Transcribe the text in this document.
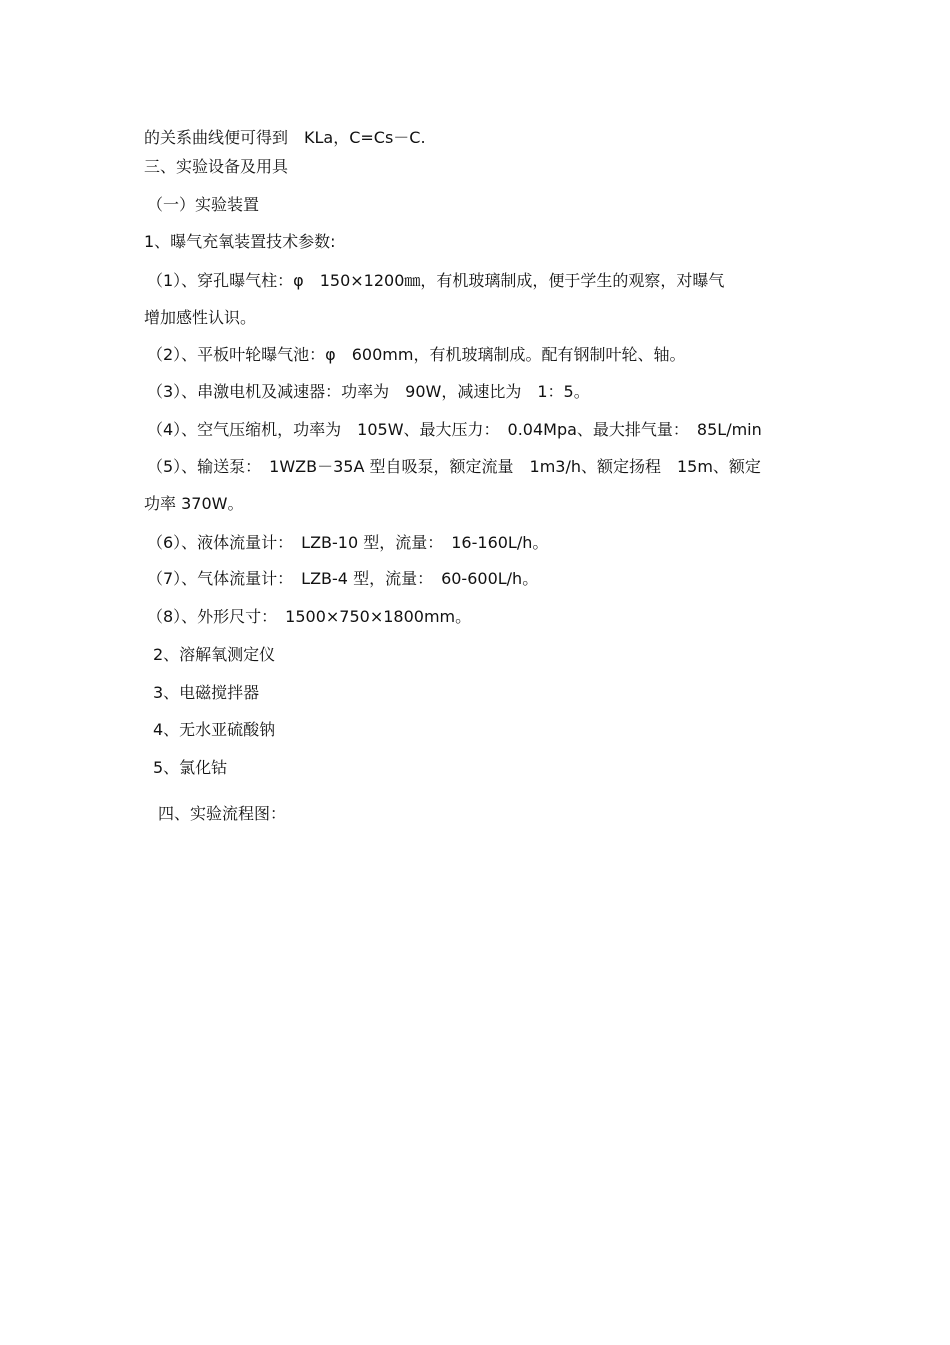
的关系曲线便可得到　KLa，C=Cs－C.
三、实验设备及用具
（一）实验装置
1、曝气充氧装置技术参数:
（1）、穿孔曝气柱：φ　150×1200㎜，有机玻璃制成，便于学生的观察，对曝气
增加感性认识。
（2）、平板叶轮曝气池：φ　600mm，有机玻璃制成。配有钢制叶轮、轴。
（3）、串激电机及减速器：功率为　90W，减速比为　1：5。
（4）、空气压缩机，功率为　105W、最大压力：　0.04Mpa、最大排气量：　85L/min
（5）、输送泵：　1WZB－35A 型自吸泵，额定流量　1m3/h、额定扬程　15m、额定
功率 370W。
（6）、液体流量计：　LZB-10 型，流量：　16-160L/h。
（7）、气体流量计：　LZB-4 型，流量：　60-600L/h。
（8）、外形尺寸：　1500×750×1800mm。
2、溶解氧测定仪
3、电磁搅拌器
4、无水亚硫酸钠
5、氯化钴
四、实验流程图：
